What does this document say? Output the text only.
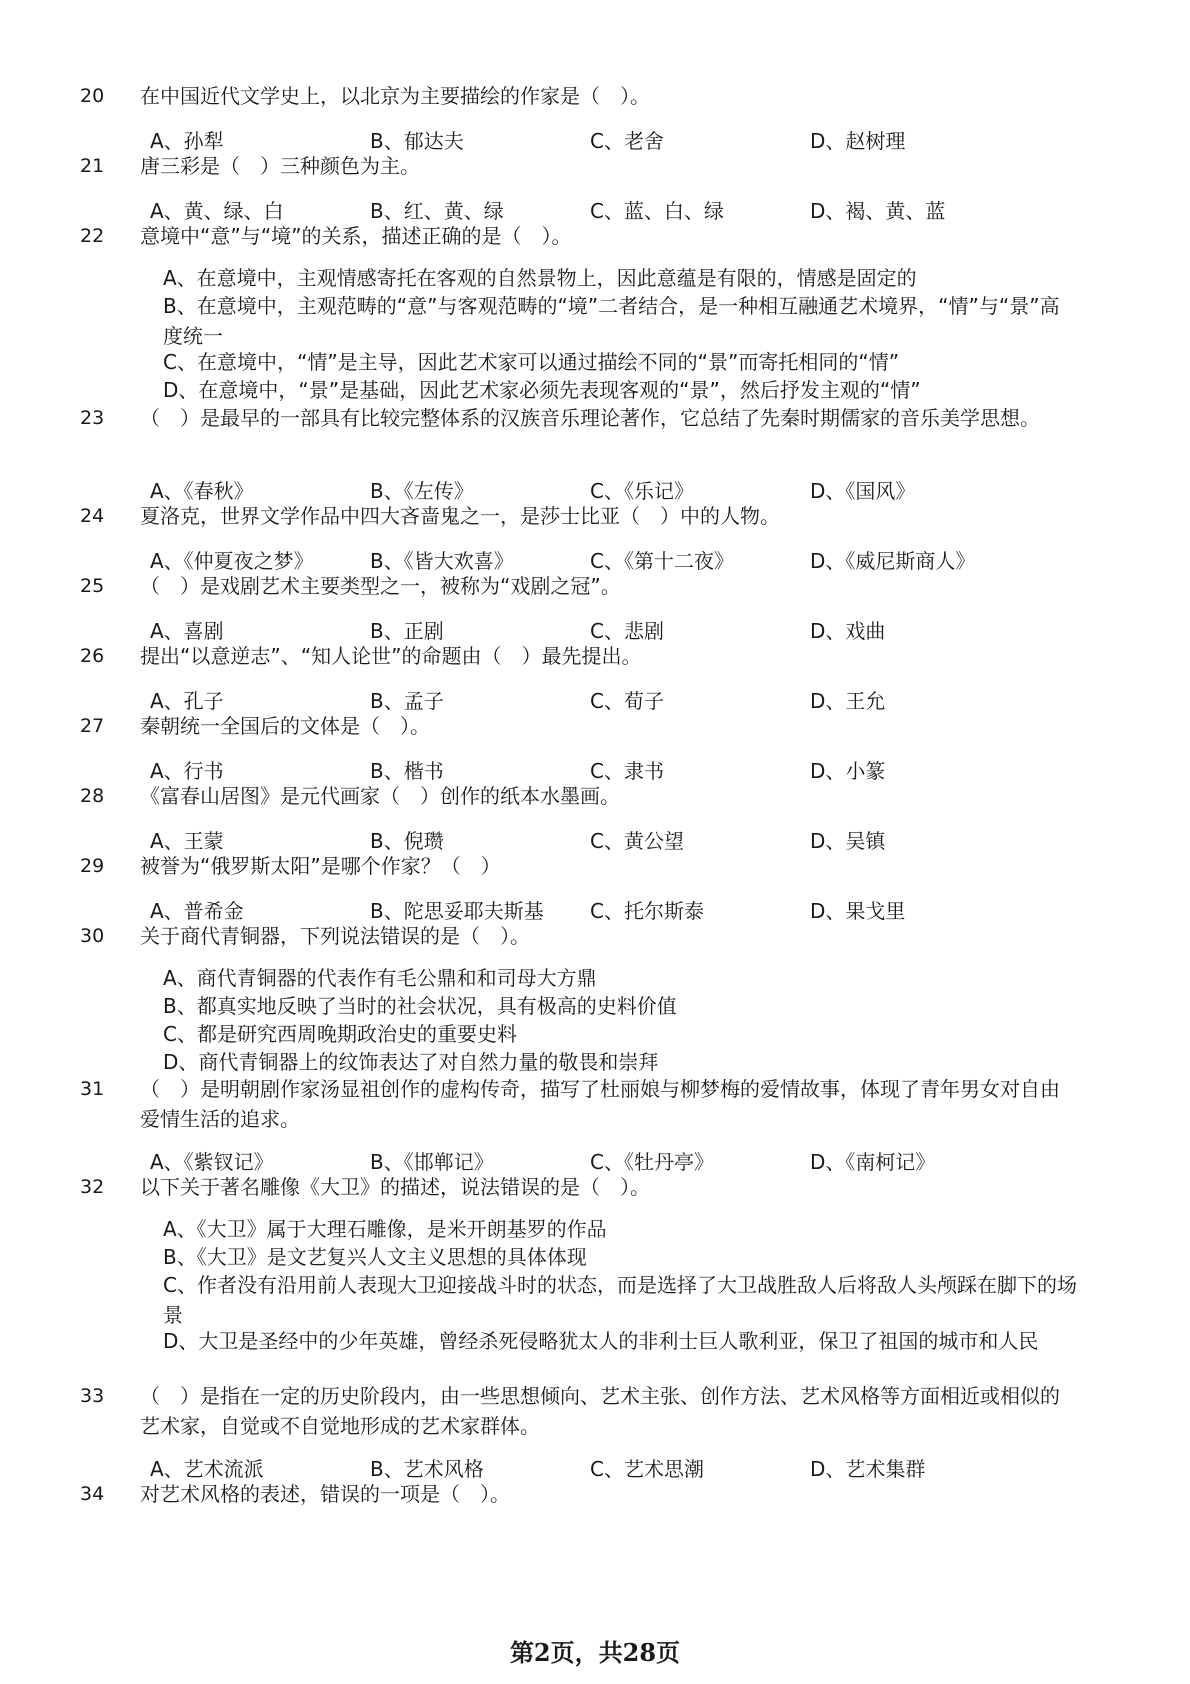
20 在中国近代文学史上，以北京为主要描绘的作家是（　）。
A、孙犁	B、郁达夫	C、老舍	D、赵树理
21 唐三彩是（　）三种颜色为主。
A、黄、绿、白	B、红、黄、绿	C、蓝、白、绿	D、褐、黄、蓝
22 意境中“意”与“境”的关系，描述正确的是（　）。
A、在意境中，主观情感寄托在客观的自然景物上，因此意蕴是有限的，情感是固定的
B、在意境中，主观范畴的“意”与客观范畴的“境”二者结合，是一种相互融通艺术境界，“情”与“景”高度统一
C、在意境中，“情”是主导，因此艺术家可以通过描绘不同的“景”而寄托相同的“情”
D、在意境中，“景”是基础，因此艺术家必须先表现客观的“景”，然后抒发主观的“情”
23 （　）是最早的一部具有比较完整体系的汉族音乐理论著作，它总结了先秦时期儒家的音乐美学思想。
A、《春秋》	B、《左传》	C、《乐记》	D、《国风》
24 夏洛克，世界文学作品中四大吝啬鬼之一，是莎士比亚（　）中的人物。
A、《仲夏夜之梦》	B、《皆大欢喜》	C、《第十二夜》	D、《威尼斯商人》
25 （　）是戏剧艺术主要类型之一，被称为“戏剧之冠”。
A、喜剧	B、正剧	C、悲剧	D、戏曲
26 提出“以意逆志”、“知人论世”的命题由（　）最先提出。
A、孔子	B、孟子	C、荀子	D、王允
27 秦朝统一全国后的文体是（　）。
A、行书	B、楷书	C、隶书	D、小篆
28 《富春山居图》是元代画家（　）创作的纸本水墨画。
A、王蒙	B、倪瓒	C、黄公望	D、吴镇
29 被誉为“俄罗斯太阳”是哪个作家？（　）
A、普希金	B、陀思妥耶夫斯基 C、托尔斯泰	D、果戈里
30 关于商代青铜器，下列说法错误的是（　）。
A、商代青铜器的代表作有毛公鼎和和司母大方鼎
B、都真实地反映了当时的社会状况，具有极高的史料价值
C、都是研究西周晚期政治史的重要史料
D、商代青铜器上的纹饰表达了对自然力量的敬畏和崇拜
31 （　）是明朝剧作家汤显祖创作的虚构传奇，描写了杜丽娘与柳梦梅的爱情故事，体现了青年男女对自由爱情生活的追求。
A、《紫钗记》	B、《邯郸记》	C、《牡丹亭》	D、《南柯记》
32 以下关于著名雕像《大卫》的描述，说法错误的是（　）。
A、《大卫》属于大理石雕像，是米开朗基罗的作品
B、《大卫》是文艺复兴人文主义思想的具体体现
C、作者没有沿用前人表现大卫迎接战斗时的状态，而是选择了大卫战胜敌人后将敌人头颅踩在脚下的场景
D、大卫是圣经中的少年英雄，曾经杀死侵略犹太人的非利士巨人歌利亚，保卫了祖国的城市和人民
33 （　）是指在一定的历史阶段内，由一些思想倾向、艺术主张、创作方法、艺术风格等方面相近或相似的艺术家，自觉或不自觉地形成的艺术家群体。
A、艺术流派	B、艺术风格	C、艺术思潮	D、艺术集群
34 对艺术风格的表述，错误的一项是（　）。
第2页，共28页
